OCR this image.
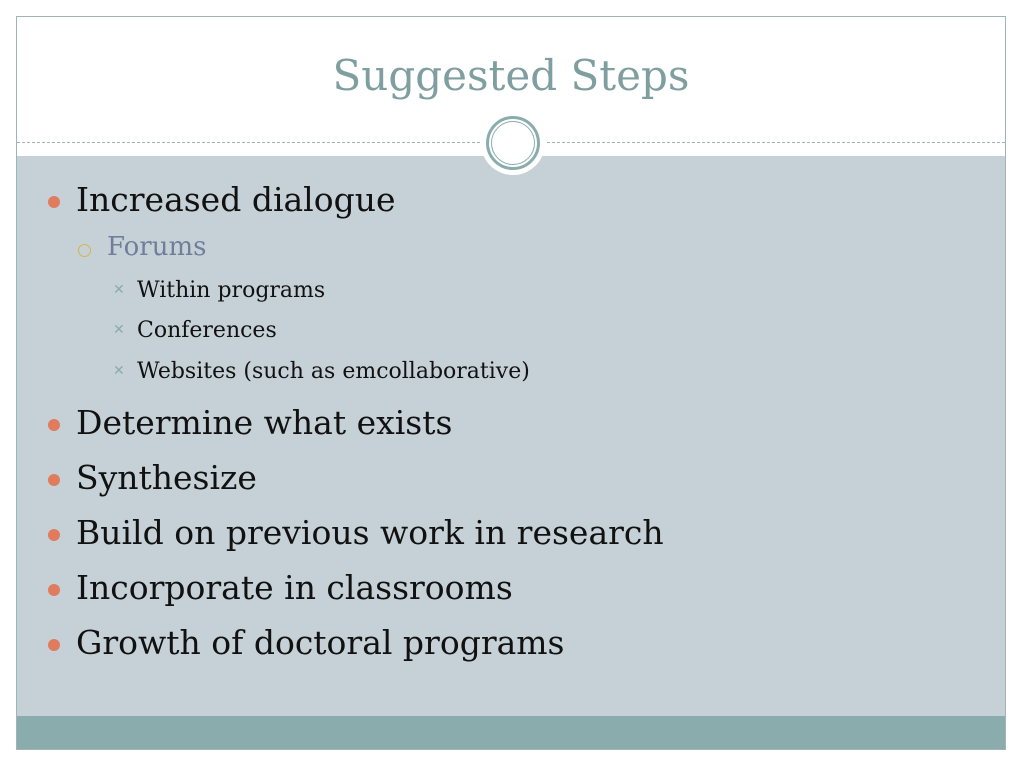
Suggested Steps
Increased dialogue
Forums
✕ Within programs
✕ Conferences
✕ Websites (such as emcollaborative)
Determine what exists
Synthesize
Build on previous work in research
Incorporate in classrooms
Growth of doctoral programs
